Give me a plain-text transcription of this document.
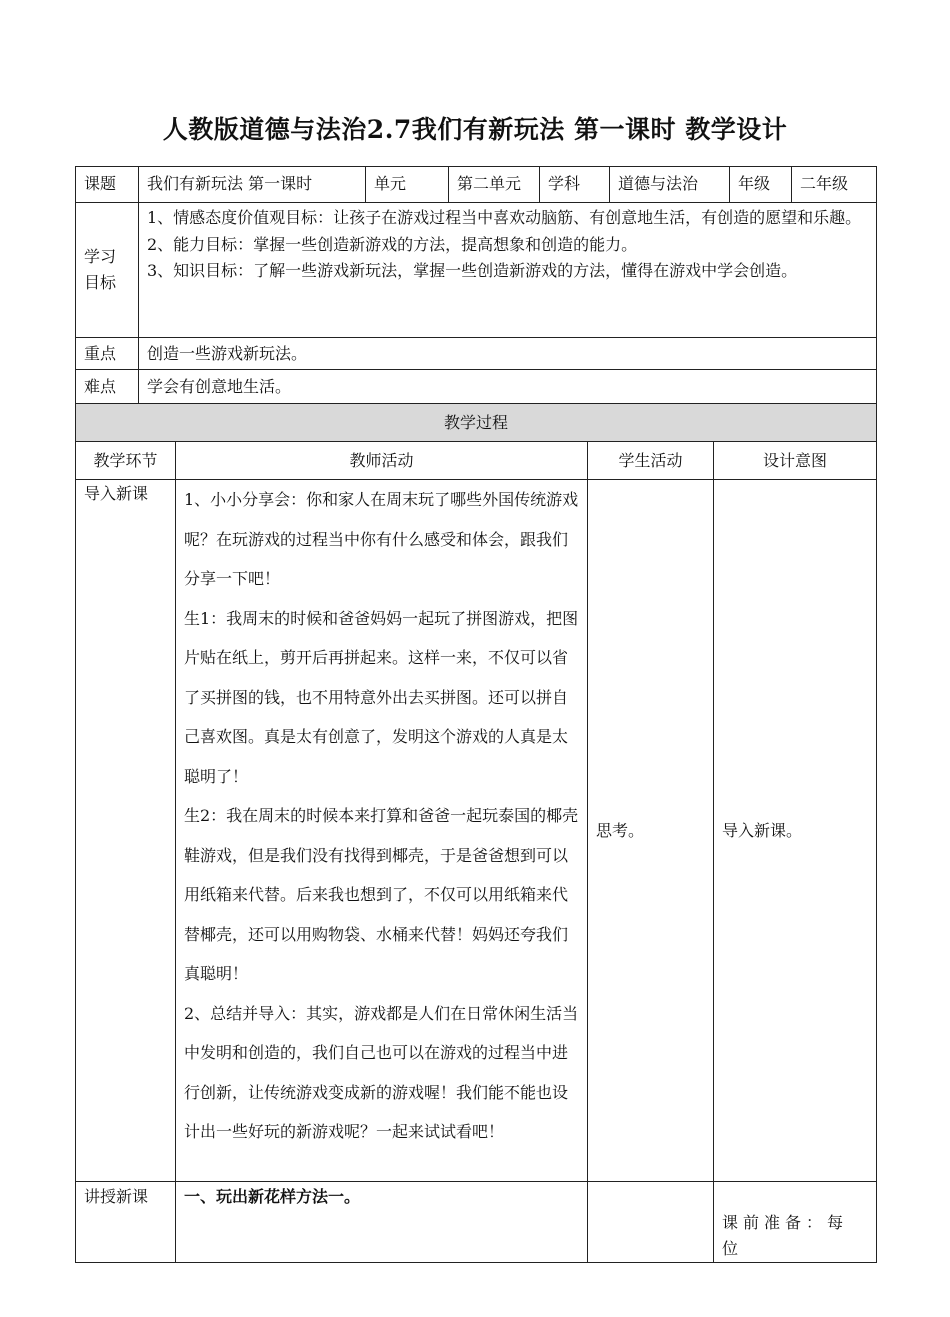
人教版道德与法治2.7我们有新玩法 第一课时 教学设计
课题	我们有新玩法 第一课时	单元	第二单元	学科	道德与法治	年级	二年级
学习目标	1、情感态度价值观目标：让孩子在游戏过程当中喜欢动脑筋、有创意地生活，有创造的愿望和乐趣。

2、能力目标：掌握一些创造新游戏的方法，提高想象和创造的能力。

3、知识目标：了解一些游戏新玩法，掌握一些创造新游戏的方法，懂得在游戏中学会创造。						

重点	创造一些游戏新玩法。						
难点	学会有创意地生活。						
教学过程			
教学环节	教师活动	学生活动	设计意图
导入新课	1、小小分享会：你和家人在周末玩了哪些外国传统游戏呢？在玩游戏的过程当中你有什么感受和体会，跟我们分享一下吧！

生1：我周末的时候和爸爸妈妈一起玩了拼图游戏，把图片贴在纸上，剪开后再拼起来。这样一来，不仅可以省了买拼图的钱，也不用特意外出去买拼图。还可以拼自己喜欢图。真是太有创意了，发明这个游戏的人真是太聪明了！

生2：我在周末的时候本来打算和爸爸一起玩泰国的椰壳鞋游戏，但是我们没有找得到椰壳，于是爸爸想到可以用纸箱来代替。后来我也想到了，不仅可以用纸箱来代替椰壳，还可以用购物袋、水桶来代替！妈妈还夸我们真聪明！

2、总结并导入：其实，游戏都是人们在日常休闲生活当中发明和创造的，我们自己也可以在游戏的过程当中进行创新，让传统游戏变成新的游戏喔！我们能不能也设计出一些好玩的新游戏呢？一起来试试看吧！	思考。	导入新课。
讲授新课	一、玩出新花样方法一。		课前准备：每位
